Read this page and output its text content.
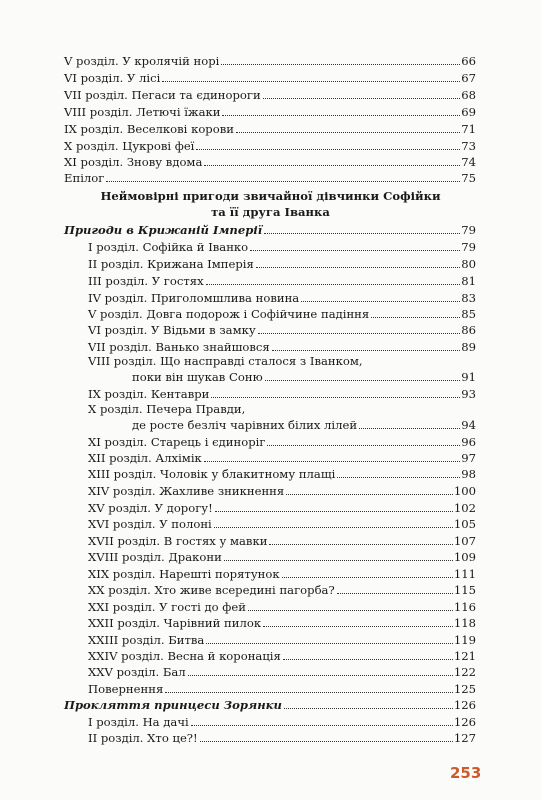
V розділ. У кролячій норі	66
VI розділ. У лісі	67
VII розділ. Пегаси та єдинороги	68
VIII розділ. Летючі їжаки	69
IX розділ. Веселкові корови	71
X розділ. Цукрові феї	73
XI розділ. Знову вдома	74
Епілог	75
Неймовірні пригоди звичайної дівчинки Софійки
та її друга Іванка
Пригоди в Крижаній Імперії	79
I розділ. Софійка й Іванко	79
II розділ. Крижана Імперія	80
III розділ. У гостях	81
IV розділ. Приголомшлива новина	83
V розділ. Довга подорож і Софійчине падіння	85
VI розділ. У Відьми в замку	86
VII розділ. Ванько знайшовся	89
VIII розділ. Що насправді сталося з Іванком,
поки він шукав Соню	91
IX розділ. Кентаври	93
X розділ. Печера Правди,
де росте безліч чарівних білих лілей	94
XI розділ. Старець і єдиноріг	96
XII розділ. Алхімік	97
XIII розділ. Чоловік у блакитному плащі	98
XIV розділ. Жахливе зникнення	100
XV розділ. У дорогу!	102
XVI розділ. У полоні	105
XVII розділ. В гостях у мавки	107
XVIII розділ. Дракони	109
XIX розділ. Нарешті порятунок	111
XX розділ. Хто живе всередині пагорба?	115
XXI розділ. У гості до фей	116
XXII розділ. Чарівний пилок	118
XXIII розділ. Битва	119
XXIV розділ. Весна й коронація	121
XXV розділ. Бал	122
Повернення	125
Прокляття принцеси Зорянки	126
I розділ. На дачі	126
II розділ. Хто це?!	127
253
